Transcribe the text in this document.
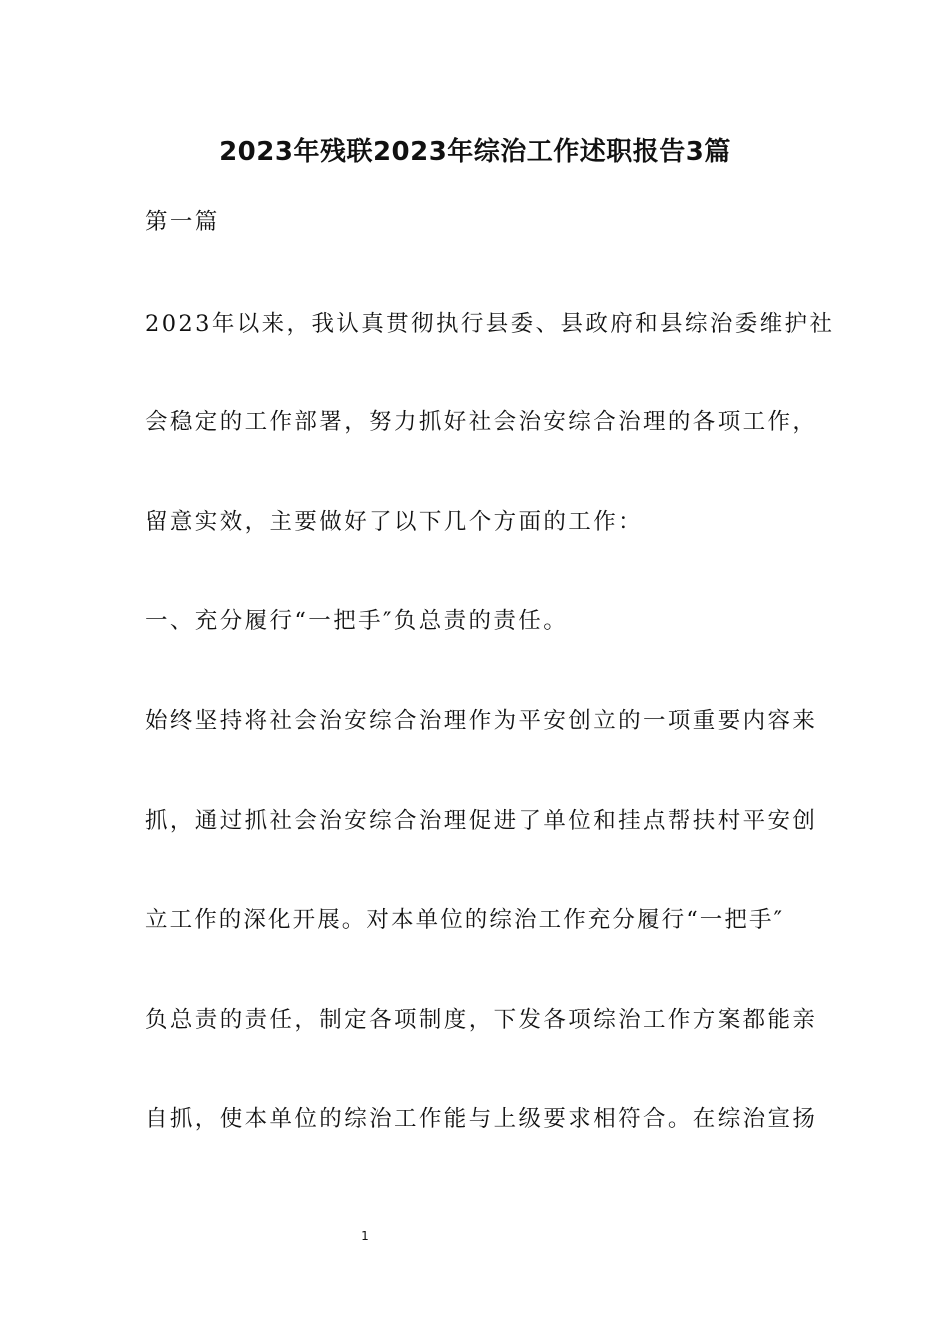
2023年残联2023年综治工作述职报告3篇
第一篇
2023年以来，我认真贯彻执行县委、县政府和县综治委维护社
会稳定的工作部署，努力抓好社会治安综合治理的各项工作，
留意实效，主要做好了以下几个方面的工作：
一、充分履行“一把手″负总责的责任。
始终坚持将社会治安综合治理作为平安创立的一项重要内容来
抓，通过抓社会治安综合治理促进了单位和挂点帮扶村平安创
立工作的深化开展。对本单位的综治工作充分履行“一把手″
负总责的责任，制定各项制度，下发各项综治工作方案都能亲
自抓，使本单位的综治工作能与上级要求相符合。在综治宣扬
1
